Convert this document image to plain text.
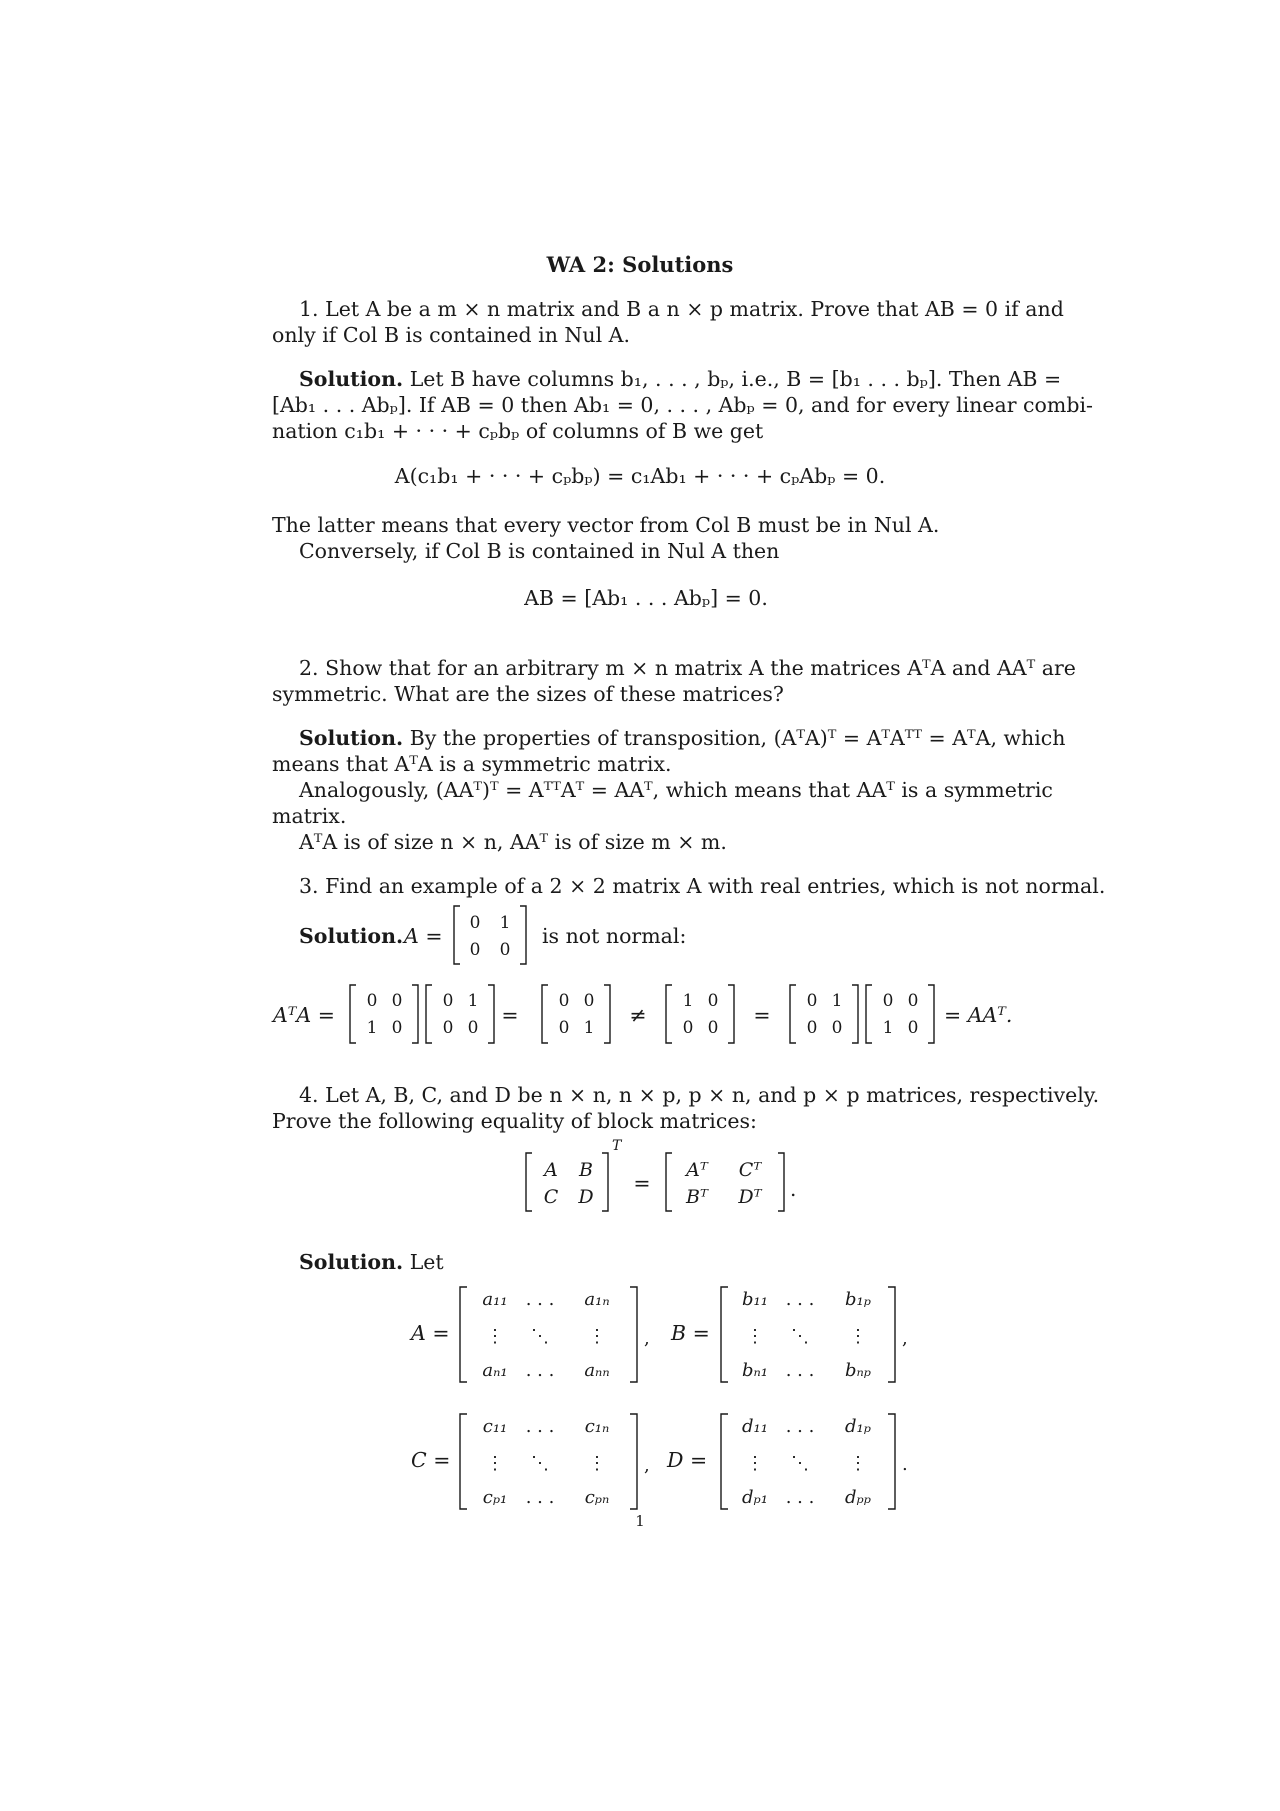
WA 2: Solutions
1. Let A be a m × n matrix and B a n × p matrix. Prove that AB = 0 if and
only if Col B is contained in Nul A.
Solution. Let B have columns b₁, . . . , bₚ, i.e., B = [b₁ . . . bₚ]. Then AB =
[Ab₁ . . . Abₚ]. If AB = 0 then Ab₁ = 0, . . . , Abₚ = 0, and for every linear combi-
nation c₁b₁ + · · · + cₚbₚ of columns of B we get
A(c₁b₁ + · · · + cₚbₚ) = c₁Ab₁ + · · · + cₚAbₚ = 0.
The latter means that every vector from Col B must be in Nul A.
Conversely, if Col B is contained in Nul A then
AB = [Ab₁ . . . Abₚ] = 0.
2. Show that for an arbitrary m × n matrix A the matrices AᵀA and AAᵀ are
symmetric. What are the sizes of these matrices?
Solution. By the properties of transposition, (AᵀA)ᵀ = AᵀAᵀᵀ = AᵀA, which
means that AᵀA is a symmetric matrix.
Analogously, (AAᵀ)ᵀ = AᵀᵀAᵀ = AAᵀ, which means that AAᵀ is a symmetric
matrix.
AᵀA is of size n × n, AAᵀ is of size m × m.
3. Find an example of a 2 × 2 matrix A with real entries, which is not normal.
Solution. A =
0 1
0 0
is not normal:
AᵀA =
0 0
1 0
0 1
0 0
=
0 0
0 1
≠
1 0
0 0
=
0 1
0 0
0 0
1 0
= AAᵀ.
A B
C D
T
=
Aᵀ Cᵀ
Bᵀ Dᵀ .
A =
a₁₁ . . . a₁ₙ
⋮ ⋱ ⋮
aₙ₁ . . . aₙₙ
, B =
b₁₁ . . . b₁ₚ
⋮ ⋱ ⋮
bₙ₁ . . . bₙₚ
,
C =
c₁₁ . . . c₁ₙ
⋮ ⋱ ⋮
cₚ₁ . . . cₚₙ
, D =
d₁₁ . . . d₁ₚ
⋮ ⋱ ⋮
dₚ₁ . . . dₚₚ
.
4. Let A, B, C, and D be n × n, n × p, p × n, and p × p matrices, respectively.
Prove the following equality of block matrices:
Solution. Let
1
